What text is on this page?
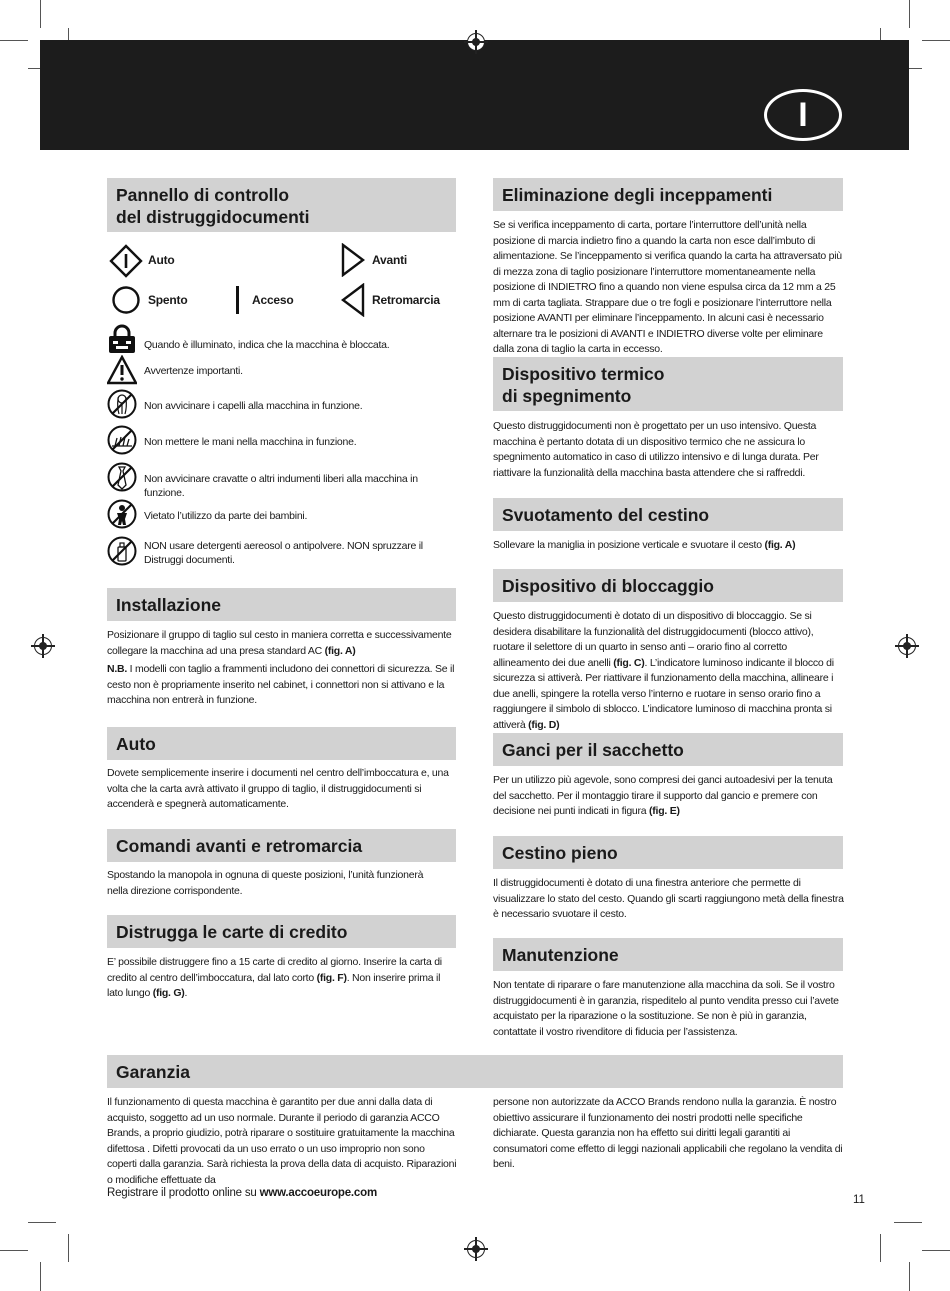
I
Pannello di controllo
del distruggidocumenti
Auto	Avanti
Spento	Acceso	Retromarcia
Quando è illuminato, indica che la macchina è bloccata.
Avvertenze importanti.
Non avvicinare i capelli alla macchina in funzione.
Non mettere le mani nella macchina in funzione.
Non avvicinare cravatte o altri indumenti liberi alla macchina in funzione.
Vietato l’utilizzo da parte dei bambini.
NON usare detergenti aereosol o antipolvere. NON spruzzare il Distruggi documenti.
Installazione

Posizionare il gruppo di taglio sul cesto in maniera corretta e successivamente collegare la macchina ad una presa standard AC (fig. A)

N.B. I modelli con taglio a frammenti includono dei connettori di sicurezza. Se il cesto non è propriamente inserito nel cabinet, i connettori non si attivano e la macchina non entrerà in funzione.

Auto
Dovete semplicemente inserire i documenti nel centro dell’imboccatura e, una volta che la carta avrà attivato il gruppo di taglio, il distruggidocumenti si accenderà e spegnerà automaticamente.
Comandi avanti e retromarcia
Spostando la manopola in ognuna di queste posizioni, l’unità funzionerà nella direzione corrispondente.
Distrugga le carte di credito
E’ possibile distruggere fino a 15 carte di credito al giorno. Inserire la carta di credito al centro dell’imboccatura, dal lato corto (fig. F). Non inserire prima il lato lungo (fig. G).
Eliminazione degli inceppamenti
Se si verifica inceppamento di carta, portare l’interruttore dell’unità nella posizione di marcia indietro fino a quando la carta non esce dall’imbuto di alimentazione. Se l’inceppamento si verifica quando la carta ha attraversato più di mezza zona di taglio posizionare l’interruttore momentaneamente nella posizione di INDIETRO fino a quando non viene espulsa circa da 12 mm a 25 mm di carta tagliata. Strappare due o tre fogli e posizionare l’interruttore nella posizione AVANTI per eliminare l’inceppamento. In alcuni casi è necessario alternare tra le posizioni di AVANTI e INDIETRO diverse volte per eliminare dalla zona di taglio la carta in eccesso.
Dispositivo termico
di spegnimento
Questo distruggidocumenti non è progettato per un uso intensivo. Questa macchina è pertanto dotata di un dispositivo termico che ne assicura lo spegnimento automatico in caso di utilizzo intensivo e di lunga durata. Per riattivare la funzionalità della macchina basta attendere che si raffreddi.
Svuotamento del cestino
Sollevare la maniglia in posizione verticale e svuotare il cesto (fig. A)
Dispositivo di bloccaggio
Questo distruggidocumenti è dotato di un dispositivo di bloccaggio. Se si desidera disabilitare la funzionalità del distruggidocumenti (blocco attivo), ruotare il selettore di un quarto in senso anti – orario fino al corretto allineamento dei due anelli (fig. C). L’indicatore luminoso indicante il blocco di sicurezza si attiverà. Per riattivare il funzionamento della macchina, allineare i due anelli, spingere la rotella verso l’interno e ruotare in senso orario fino a raggiungere il simbolo di sblocco. L’indicatore luminoso di macchina pronta si attiverà (fig. D)
Ganci per il sacchetto
Per un utilizzo più agevole, sono compresi dei ganci autoadesivi per la tenuta del sacchetto. Per il montaggio tirare il supporto dal gancio e premere con decisione nei punti indicati in figura (fig. E)
Cestino pieno
Il distruggidocumenti è dotato di una finestra anteriore che permette di visualizzare lo stato del cesto. Quando gli scarti raggiungono metà della finestra è necessario svuotare il cesto.
Manutenzione
Non tentate di riparare o fare manutenzione alla macchina da soli. Se il vostro distruggidocumenti è in garanzia, rispeditelo al punto vendita presso cui l’avete acquistato per la riparazione o la sostituzione. Se non è più in garanzia, contattate il vostro rivenditore di fiducia per l’assistenza.
Garanzia
Il funzionamento di questa macchina è garantito per due anni dalla data di acquisto, soggetto ad un uso normale. Durante il periodo di garanzia ACCO Brands, a proprio giudizio, potrà riparare o sostituire gratuitamente la macchina difettosa . Difetti provocati da un uso errato o un uso improprio non sono coperti dalla garanzia. Sarà richiesta la prova della data di acquisto. Riparazioni o modifiche effettuate da
persone non autorizzate da ACCO Brands rendono nulla la garanzia. È nostro obiettivo assicurare il funzionamento dei nostri prodotti nelle specifiche dichiarate. Questa garanzia non ha effetto sui diritti legali garantiti ai consumatori come effetto di leggi nazionali applicabili che regolano la vendita di beni.
Registrare il prodotto online su www.accoeurope.com
11
